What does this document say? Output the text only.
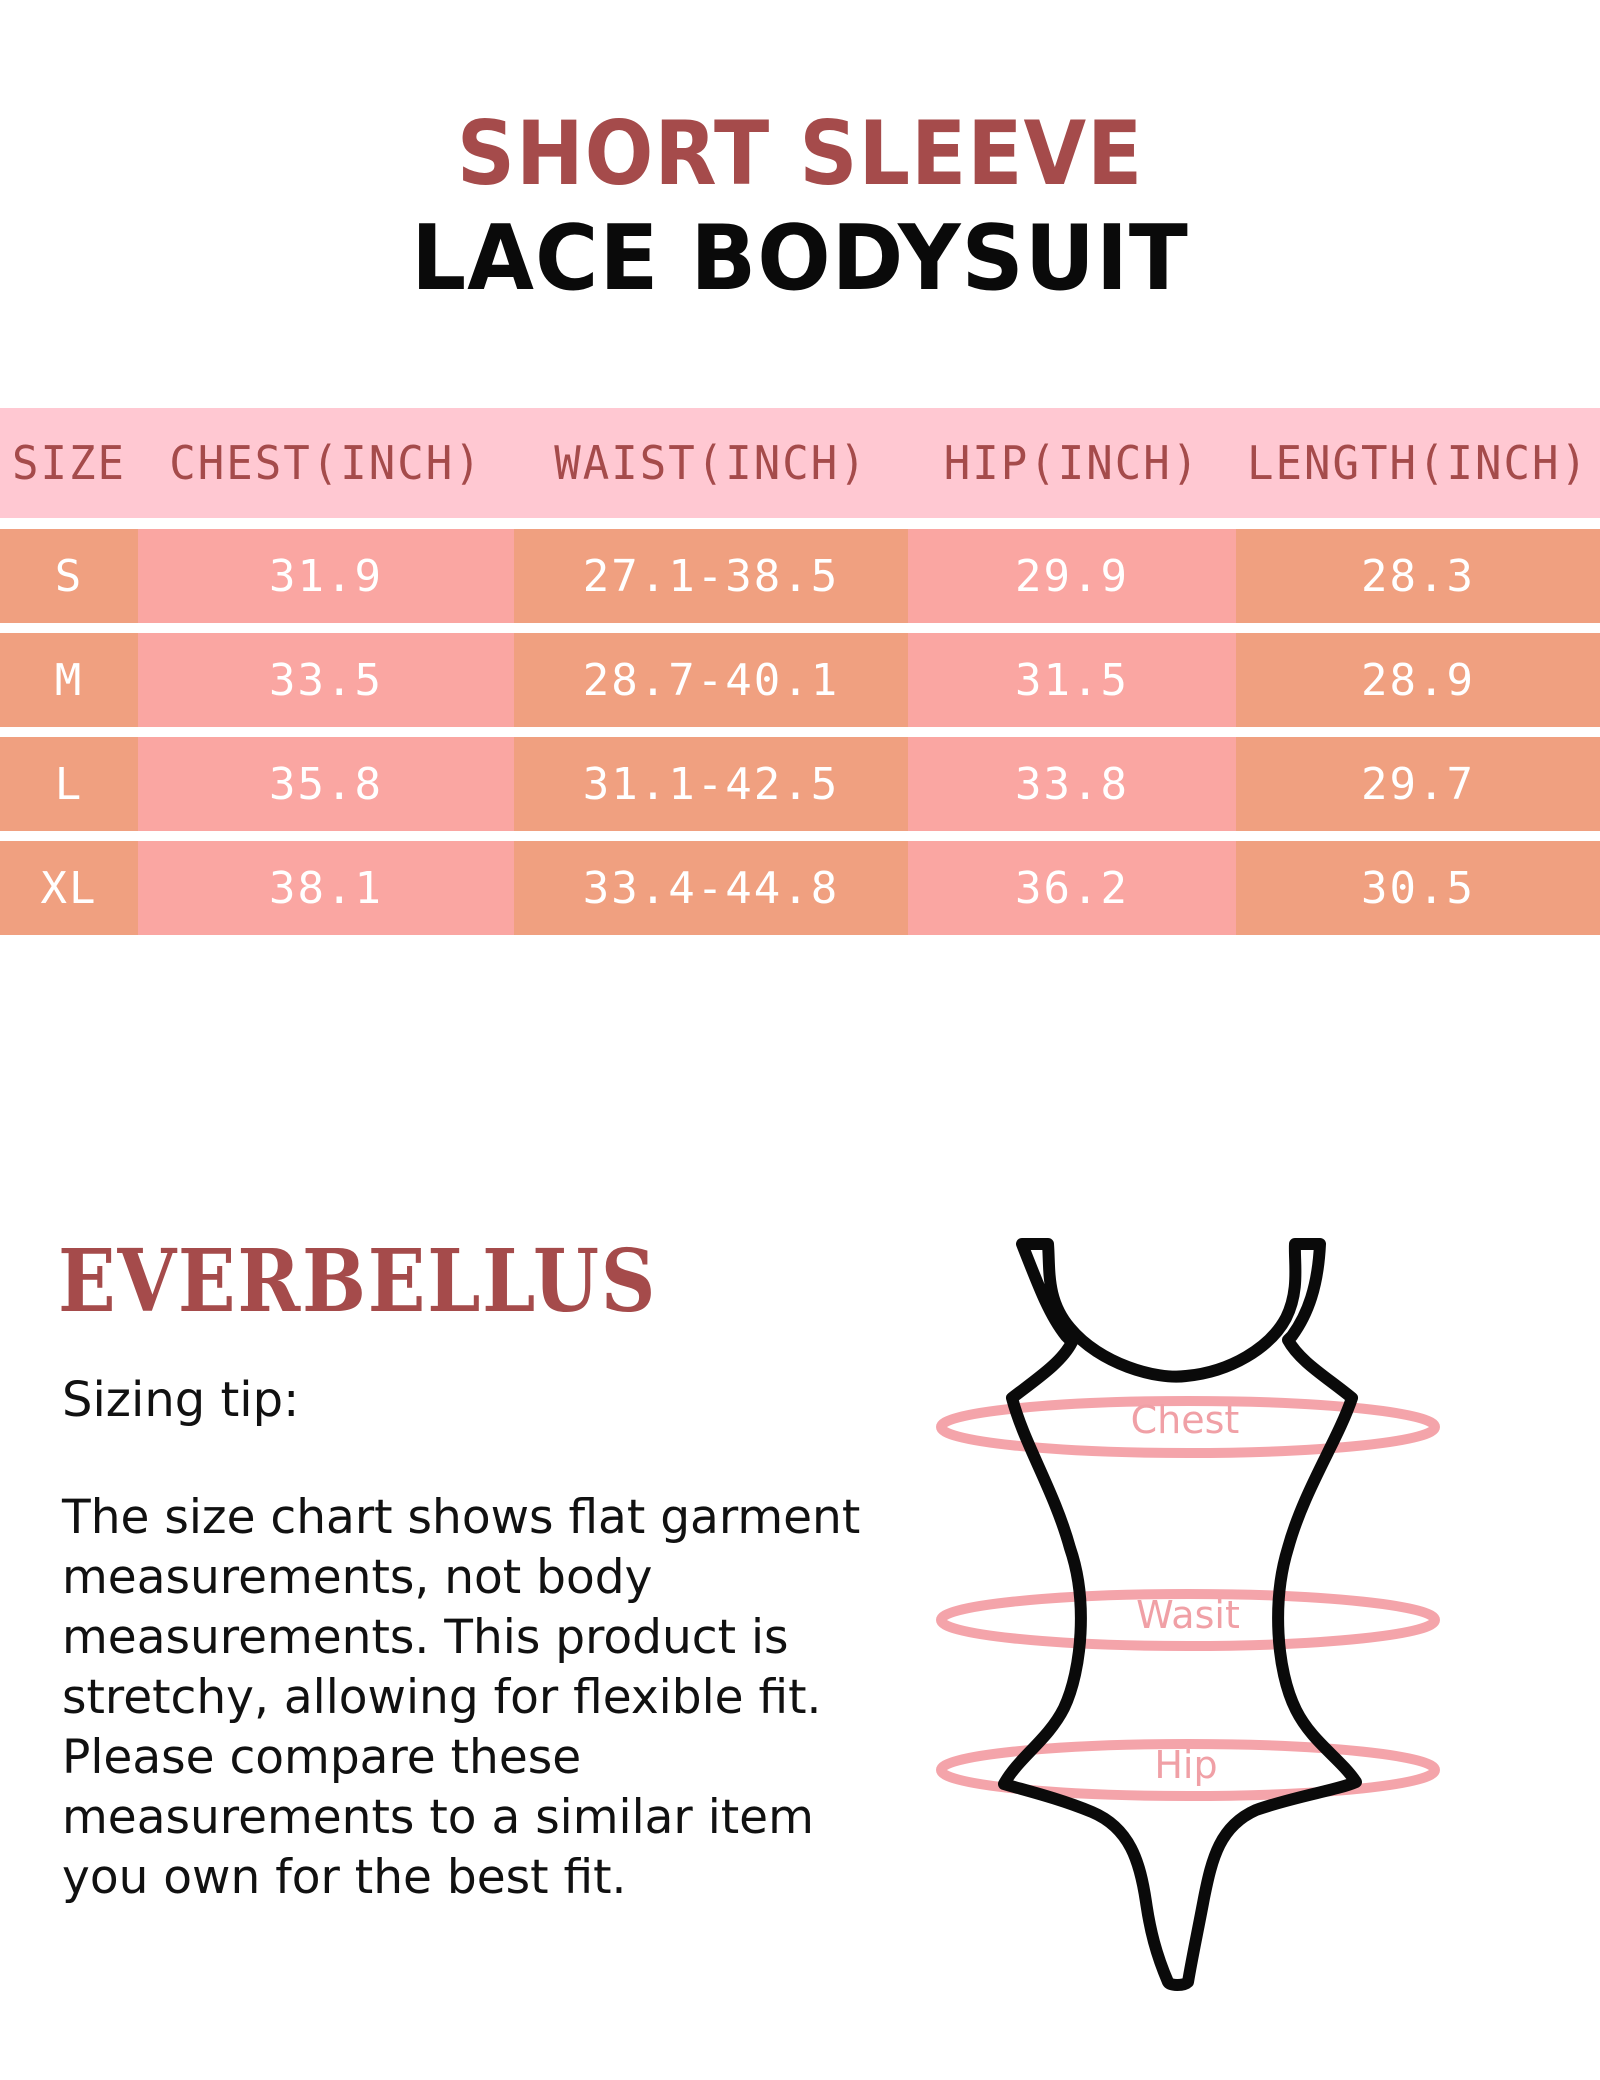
SHORT SLEEVE
LACE BODYSUIT
SIZE CHEST(INCH)	WAIST(INCH)	HIP(INCH)	LENGTH(INCH)
S	31.9	27.1-38.5	29.9	28.3
M	33.5	28.7-40.1	31.5	28.9
L	35.8	31.1-42.5	33.8	29.7
XL	38.1	33.4-44.8	36.2	30.5
EVERBELLUS

Sizing tip:

The size chart shows flat garment measurements, not body measurements. This product is stretchy, allowing for flexible fit. Please compare these measurements to a similar item you own for the best fit.

Chest
Wasit
Hip
